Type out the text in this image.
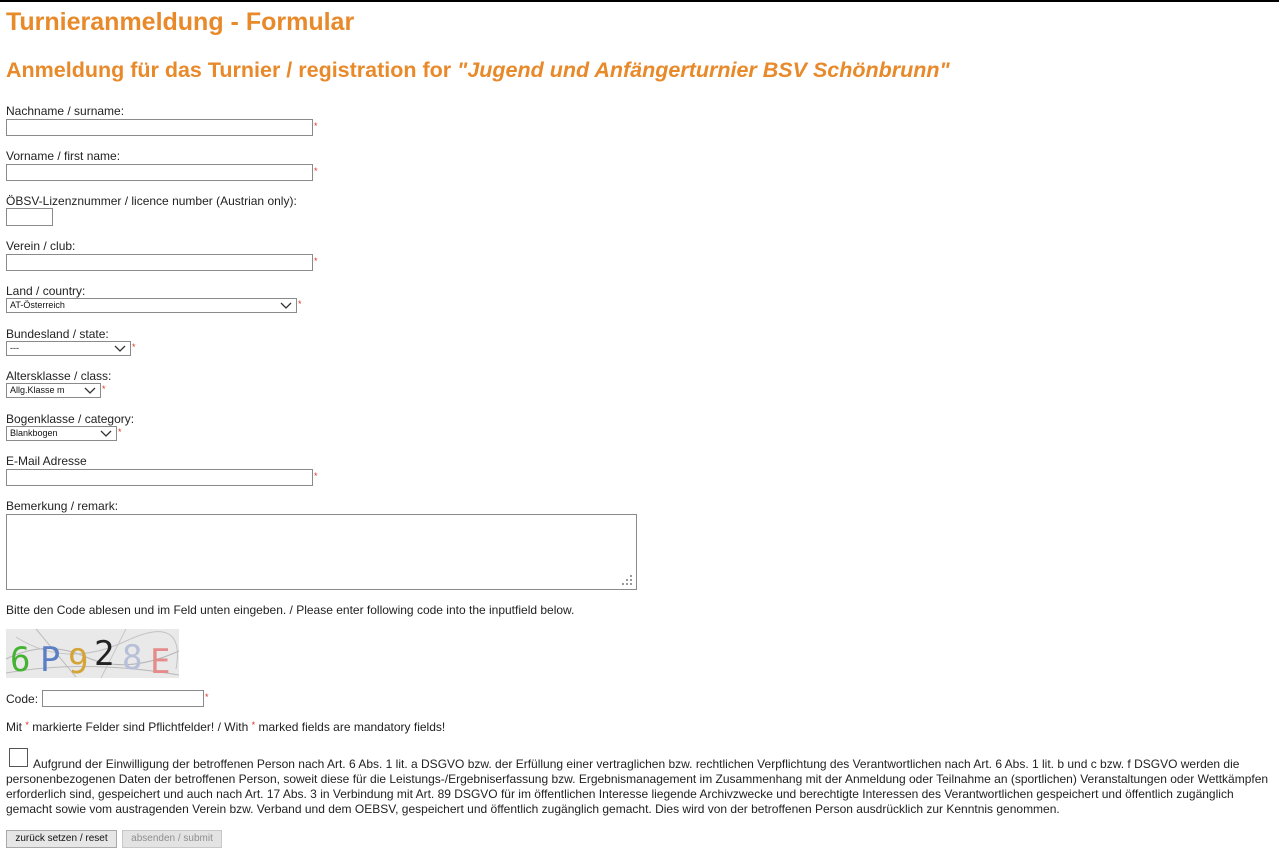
Turnieranmeldung - Formular
Anmeldung für das Turnier / registration for "Jugend und Anfängerturnier BSV Schönbrunn"
Nachname / surname:
*
Vorname / first name:
*
ÖBSV-Lizenznummer / licence number (Austrian only):
Verein / club:
*
Land / country:
AT-Österreich	*
Bundesland / state:
---	*
Altersklasse / class:
Allg.Klasse m	*
Bogenklasse / category:
Blankbogen	*
E-Mail Adresse
*
Bemerkung / remark:
Bitte den Code ablesen und im Feld unten eingeben. / Please enter following code into the inputfield below.
6 P 9 2 8 E
6P928E
Code:	*
Mit * markierte Felder sind Pflichtfelder! / With * marked fields are mandatory fields!

Aufgrund der Einwilligung der betroffenen Person nach Art. 6 Abs. 1 lit. a DSGVO bzw. der Erfüllung einer vertraglichen bzw. rechtlichen Verpflichtung des Verantwortlichen nach Art. 6 Abs. 1 lit. b und c bzw. f DSGVO werden die personenbezogenen Daten der betroffenen Person, soweit diese für die Leistungs-/Ergebniserfassung bzw. Ergebnismanagement im Zusammenhang mit der Anmeldung oder Teilnahme an (sportlichen) Veranstaltungen oder Wettkämpfen erforderlich sind, gespeichert und auch nach Art. 17 Abs. 3 in Verbindung mit Art. 89 DSGVO für im öffentlichen Interesse liegende Archivzwecke und berechtigte Interessen des Verantwortlichen gespeichert und öffentlich zugänglich gemacht sowie vom austragenden Verein bzw. Verband und dem OEBSV, gespeichert und öffentlich zugänglich gemacht. Dies wird von der betroffenen Person ausdrücklich zur Kenntnis genommen.

zurück setzen / reset	absenden / submit
